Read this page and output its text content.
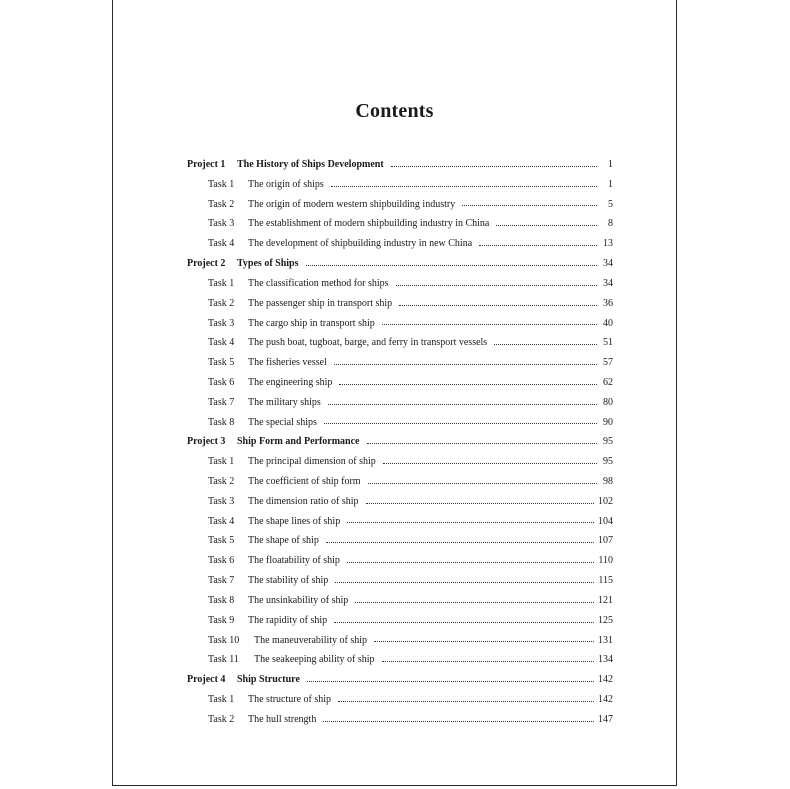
Contents
Project 1	The History of Ships Development	1
Task 1	The origin of ships	1
Task 2	The origin of modern western shipbuilding industry	5
Task 3	The establishment of modern shipbuilding industry in China	8
Task 4	The development of shipbuilding industry in new China	13
Project 2	Types of Ships	34
Task 1	The classification method for ships	34
Task 2	The passenger ship in transport ship	36
Task 3	The cargo ship in transport ship	40
Task 4	The push boat, tugboat, barge, and ferry in transport vessels	51
Task 5	The fisheries vessel	57
Task 6	The engineering ship	62
Task 7	The military ships	80
Task 8	The special ships	90
Project 3	Ship Form and Performance	95
Task 1	The principal dimension of ship	95
Task 2	The coefficient of ship form	98
Task 3	The dimension ratio of ship	102
Task 4	The shape lines of ship	104
Task 5	The shape of ship	107
Task 6	The floatability of ship	110
Task 7	The stability of ship	115
Task 8	The unsinkability of ship	121
Task 9	The rapidity of ship	125
Task 10	The maneuverability of ship	131
Task 11	The seakeeping ability of ship	134
Project 4	Ship Structure	142
Task 1	The structure of ship	142
Task 2	The hull strength	147
